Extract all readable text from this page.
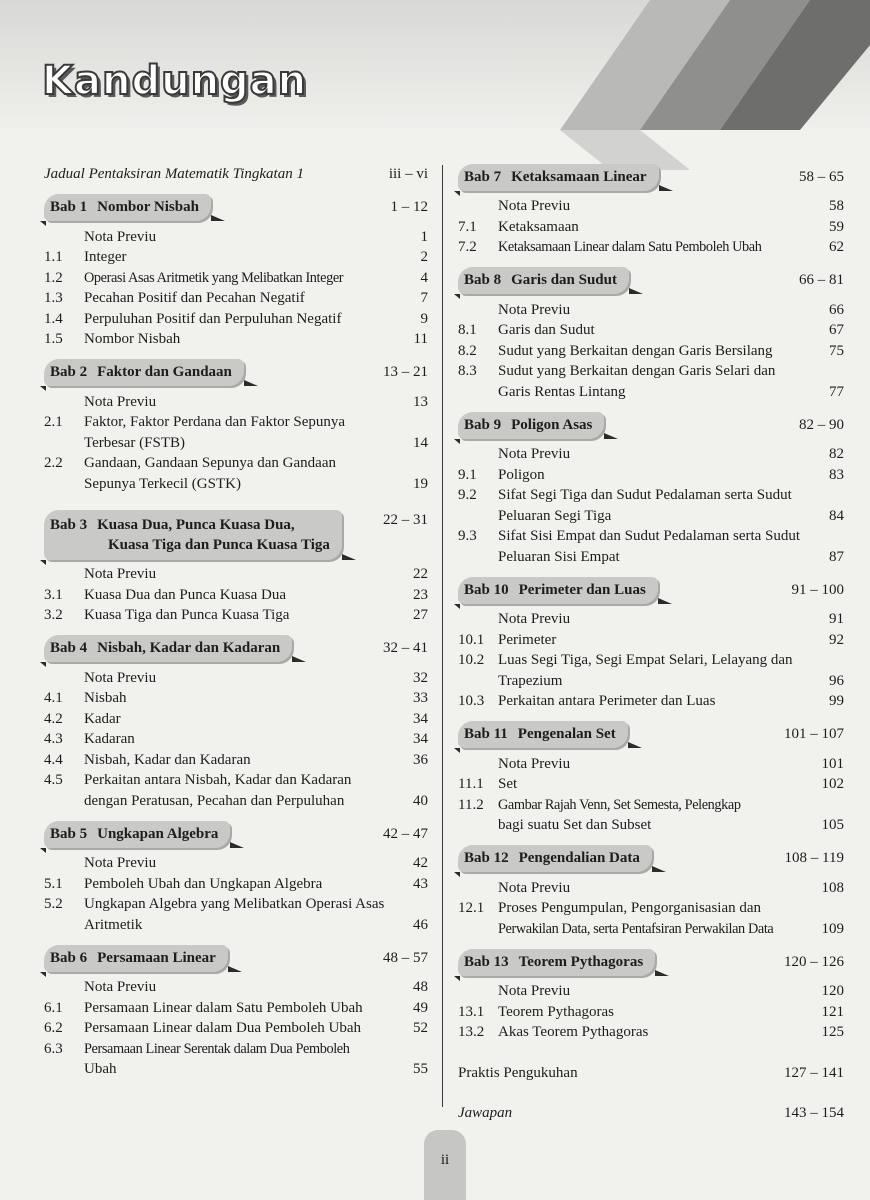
Kandungan
Jadual Pentaksiran Matematik Tingkatan 1	iii – vi
Bab 1 Nombor Nisbah	1 – 12
Nota Previu	1
1.1	Integer	2
1.2	Operasi Asas Aritmetik yang Melibatkan Integer	4
1.3	Pecahan Positif dan Pecahan Negatif	7
1.4	Perpuluhan Positif dan Perpuluhan Negatif	9
1.5	Nombor Nisbah	11
Bab 2 Faktor dan Gandaan	13 – 21
Nota Previu	13
2.1	Faktor, Faktor Perdana dan Faktor Sepunya
Terbesar (FSTB)	14
2.2	Gandaan, Gandaan Sepunya dan Gandaan
Sepunya Terkecil (GSTK)	19
Bab 3 Kuasa Dua, Punca Kuasa Dua,
Kuasa Tiga dan Punca Kuasa Tiga
22 – 31
Nota Previu	22
3.1	Kuasa Dua dan Punca Kuasa Dua	23
3.2	Kuasa Tiga dan Punca Kuasa Tiga	27
Bab 4 Nisbah, Kadar dan Kadaran	32 – 41
Nota Previu	32
4.1	Nisbah	33
4.2	Kadar	34
4.3	Kadaran	34
4.4	Nisbah, Kadar dan Kadaran	36
4.5	Perkaitan antara Nisbah, Kadar dan Kadaran
dengan Peratusan, Pecahan dan Perpuluhan	40
Bab 5 Ungkapan Algebra	42 – 47
Nota Previu	42
5.1	Pemboleh Ubah dan Ungkapan Algebra	43
5.2	Ungkapan Algebra yang Melibatkan Operasi Asas
Aritmetik	46
Bab 6 Persamaan Linear	48 – 57
Nota Previu	48
6.1	Persamaan Linear dalam Satu Pemboleh Ubah	49
6.2	Persamaan Linear dalam Dua Pemboleh Ubah	52
6.3	Persamaan Linear Serentak dalam Dua Pemboleh
Ubah	55
Bab 7 Ketaksamaan Linear	58 – 65
Nota Previu	58
7.1	Ketaksamaan	59
7.2	Ketaksamaan Linear dalam Satu Pemboleh Ubah	62
Bab 8 Garis dan Sudut	66 – 81
Nota Previu	66
8.1	Garis dan Sudut	67
8.2	Sudut yang Berkaitan dengan Garis Bersilang	75
8.3	Sudut yang Berkaitan dengan Garis Selari dan
Garis Rentas Lintang	77
Bab 9 Poligon Asas	82 – 90
Nota Previu	82
9.1	Poligon	83
9.2	Sifat Segi Tiga dan Sudut Pedalaman serta Sudut
Peluaran Segi Tiga	84
9.3	Sifat Sisi Empat dan Sudut Pedalaman serta Sudut
Peluaran Sisi Empat	87
Bab 10 Perimeter dan Luas	91 – 100
Nota Previu	91
10.1 Perimeter	92
10.2 Luas Segi Tiga, Segi Empat Selari, Lelayang dan
Trapezium	96
10.3 Perkaitan antara Perimeter dan Luas	99
Bab 11 Pengenalan Set	101 – 107
Nota Previu	101
11.1 Set	102
11.2 Gambar Rajah Venn, Set Semesta, Pelengkap
bagi suatu Set dan Subset	105
Bab 12 Pengendalian Data	108 – 119
Nota Previu	108
12.1 Proses Pengumpulan, Pengorganisasian dan
Perwakilan Data, serta Pentafsiran Perwakilan Data	109
Bab 13 Teorem Pythagoras	120 – 126
Nota Previu	120
13.1 Teorem Pythagoras	121
13.2 Akas Teorem Pythagoras	125
Praktis Pengukuhan	127 – 141
Jawapan	143 – 154
ii
